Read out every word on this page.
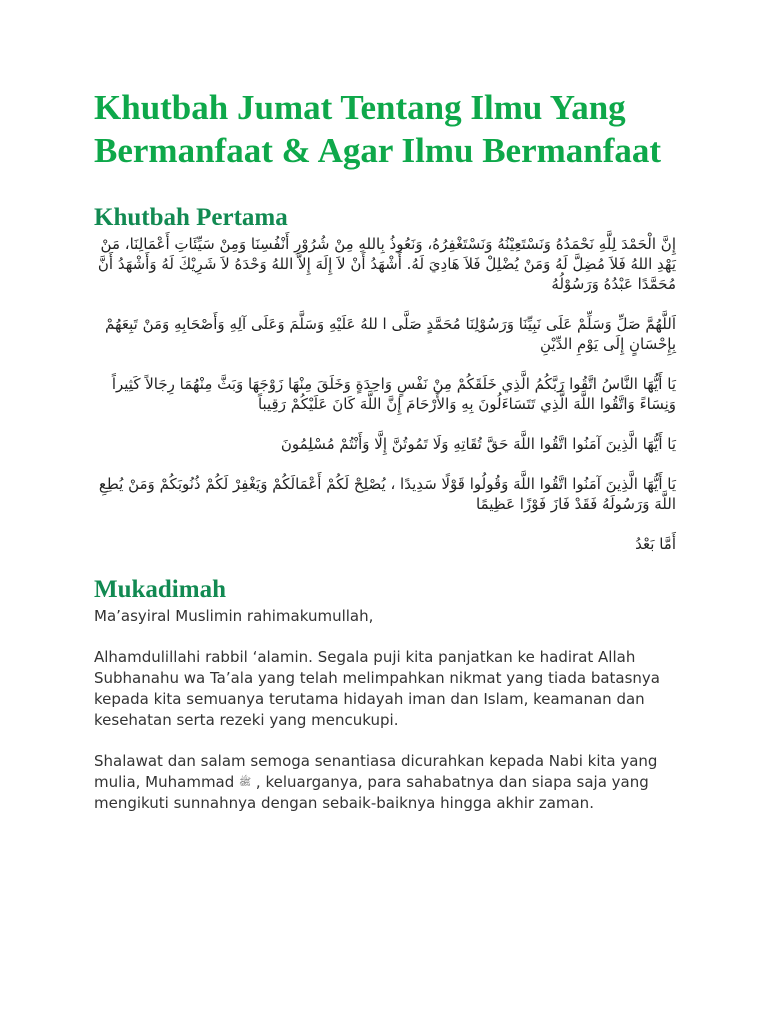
Khutbah Jumat Tentang Ilmu Yang Bermanfaat & Agar Ilmu Bermanfaat
Khutbah Pertama

إِنَّ الْحَمْدَ لِلَّهِ نَحْمَدُهُ وَنَسْتَعِيْنُهُ وَنَسْتَغْفِرُهُ، وَنَعُوذُ بِاللهِ مِنْ شُرُوْرِ أَنْفُسِنَا وَمِنْ سَيِّئَاتِ أَعْمَالِنَا، مَنْ يَهْدِ اللهُ فَلاَ مُضِلَّ لَهُ وَمَنْ يُضْلِلْ فَلاَ هَادِيَ لَهُ. أَشْهَدُ أَنْ لاَ إِلَهَ إِلاَّ اللهُ وَحْدَهُ لاَ شَرِيْكَ لَهُ وَأَشْهَدُ أَنَّ مُحَمَّدًا عَبْدُهُ وَرَسُوْلُهُ

اَللَّهُمَّ صَلِّ وَسَلِّمْ عَلَى نَبِيِّنَا وَرَسُوْلِنَا مُحَمَّدٍ صَلَّى ا للهُ عَلَيْهِ وَسَلَّمَ وَعَلَى آلِهِ وَأَصْحَابِهِ وَمَنْ تَبِعَهُمْ بِإِحْسَانٍ إِلَى يَوْمِ الدِّيْنِ

يَا أَيُّهَا النَّاسُ اتَّقُوا رَبَّكُمُ الَّذِي خَلَقَكُمْ مِنْ نَفْسٍ وَاحِدَةٍ وَخَلَقَ مِنْهَا زَوْجَهَا وَبَثَّ مِنْهُمَا رِجَالاً كَثِيراً وَنِسَاءً وَاتَّقُوا اللَّهَ الَّذِي تَتَسَاءَلُونَ بِهِ وَالأَرْحَامَ إِنَّ اللَّهَ كَانَ عَلَيْكُمْ رَقِيباً

يَا أَيُّهَا الَّذِينَ آمَنُوا اتَّقُوا اللَّهَ حَقَّ تُقَاتِهِ وَلَا تَمُوتُنَّ إِلَّا وَأَنْتُمْ مُسْلِمُونَ

يَا أَيُّهَا الَّذِينَ آمَنُوا اتَّقُوا اللَّهَ وَقُولُوا قَوْلًا سَدِيدًا ، يُصْلِحْ لَكُمْ أَعْمَالَكُمْ وَيَغْفِرْ لَكُمْ ذُنُوبَكُمْ وَمَنْ يُطِعِ اللَّهَ وَرَسُولَهُ فَقَدْ فَازَ فَوْزًا عَظِيمًا

أَمَّا بَعْدُ

Mukadimah

Ma’asyiral Muslimin rahimakumullah,

Alhamdulillahi rabbil ‘alamin. Segala puji kita panjatkan ke hadirat Allah Subhanahu wa Ta’ala yang telah melimpahkan nikmat yang tiada batasnya kepada kita semuanya terutama hidayah iman dan Islam, keamanan dan kesehatan serta rezeki yang mencukupi.

Shalawat dan salam semoga senantiasa dicurahkan kepada Nabi kita yang mulia, Muhammad ﷺ , keluarganya, para sahabatnya dan siapa saja yang mengikuti sunnahnya dengan sebaik-baiknya hingga akhir zaman.
